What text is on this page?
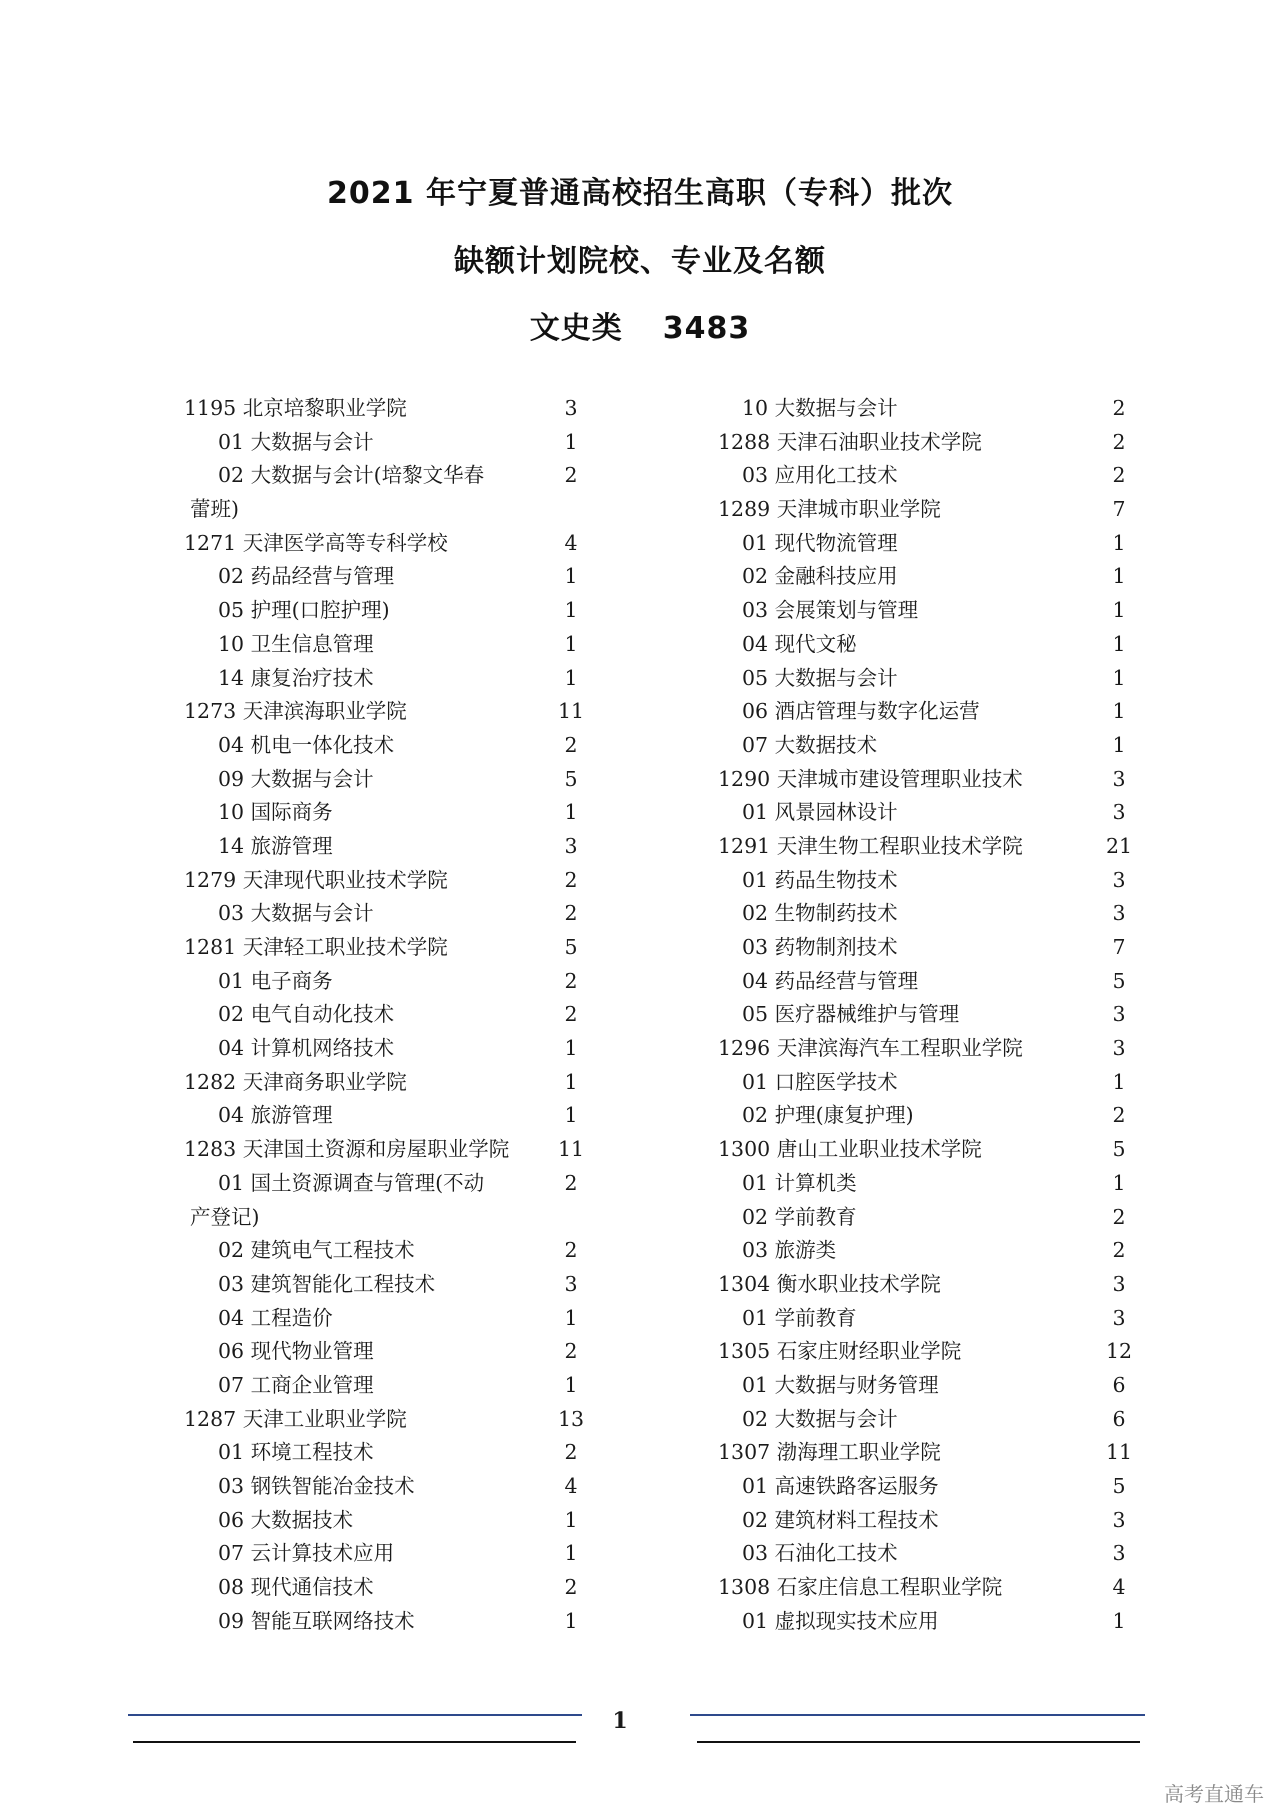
2021 年宁夏普通高校招生高职（专科）批次
缺额计划院校、专业及名额
文史类 3483
1195 北京培黎职业学院	3
01 大数据与会计	1
02 大数据与会计(培黎文华春	2
蕾班)
1271 天津医学高等专科学校	4
02 药品经营与管理	1
05 护理(口腔护理)	1
10 卫生信息管理	1
14 康复治疗技术	1
1273 天津滨海职业学院	11
04 机电一体化技术	2
09 大数据与会计	5
10 国际商务	1
14 旅游管理	3
1279 天津现代职业技术学院	2
03 大数据与会计	2
1281 天津轻工职业技术学院	5
01 电子商务	2
02 电气自动化技术	2
04 计算机网络技术	1
1282 天津商务职业学院	1
04 旅游管理	1
1283 天津国土资源和房屋职业学院 11
01 国土资源调查与管理(不动	2
产登记)
02 建筑电气工程技术	2
03 建筑智能化工程技术	3
04 工程造价	1
06 现代物业管理	2
07 工商企业管理	1
1287 天津工业职业学院	13
01 环境工程技术	2
03 钢铁智能冶金技术	4
06 大数据技术	1
07 云计算技术应用	1
08 现代通信技术	2
09 智能互联网络技术	1
10 大数据与会计	2
1288 天津石油职业技术学院	2
03 应用化工技术	2
1289 天津城市职业学院	7
01 现代物流管理	1
02 金融科技应用	1
03 会展策划与管理	1
04 现代文秘	1
05 大数据与会计	1
06 酒店管理与数字化运营	1
07 大数据技术	1
1290 天津城市建设管理职业技术	3
01 风景园林设计	3
1291 天津生物工程职业技术学院	21
01 药品生物技术	3
02 生物制药技术	3
03 药物制剂技术	7
04 药品经营与管理	5
05 医疗器械维护与管理	3
1296 天津滨海汽车工程职业学院	3
01 口腔医学技术	1
02 护理(康复护理)	2
1300 唐山工业职业技术学院	5
01 计算机类	1
02 学前教育	2
03 旅游类	2
1304 衡水职业技术学院	3
01 学前教育	3
1305 石家庄财经职业学院	12
01 大数据与财务管理	6
02 大数据与会计	6
1307 渤海理工职业学院	11
01 高速铁路客运服务	5
02 建筑材料工程技术	3
03 石油化工技术	3
1308 石家庄信息工程职业学院	4
01 虚拟现实技术应用	1
1
高考直通车
